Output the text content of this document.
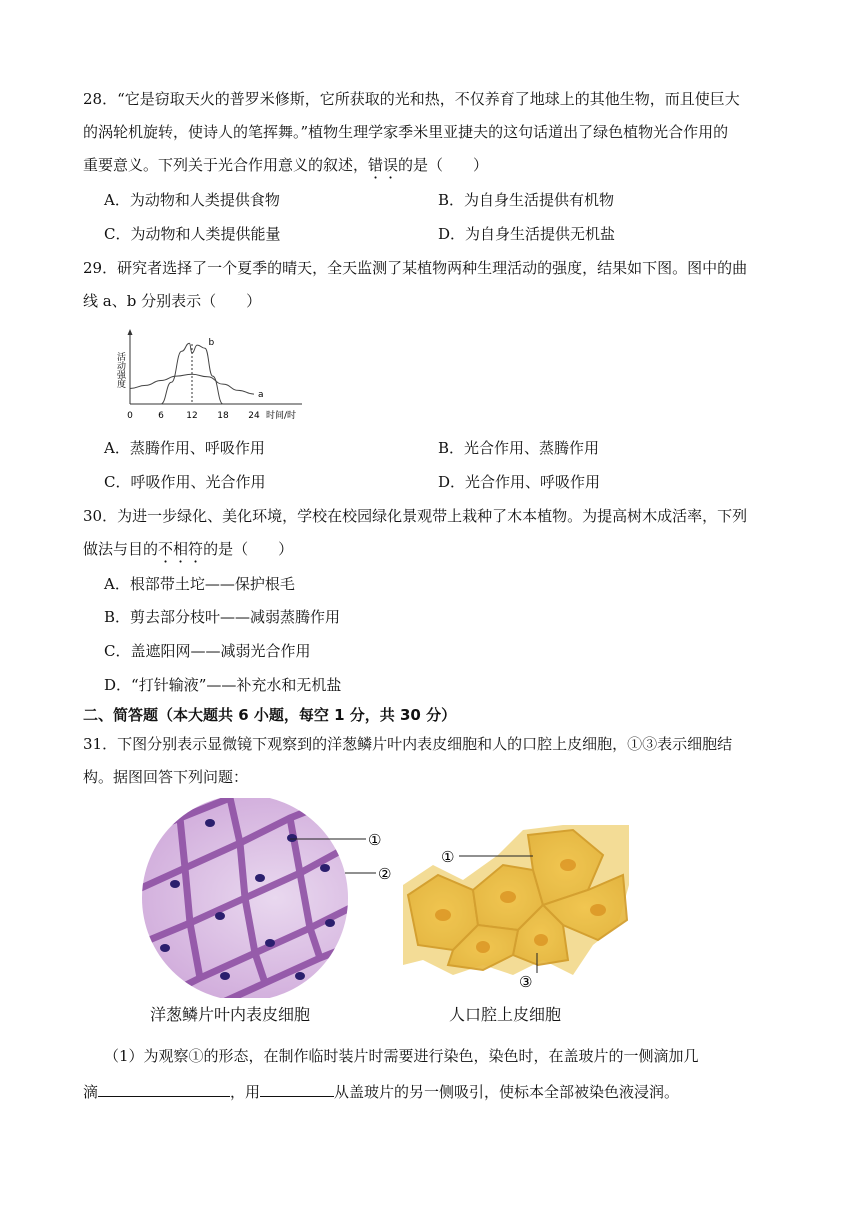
28．“它是窃取天火的普罗米修斯，它所获取的光和热，不仅养育了地球上的其他生物，而且使巨大
的涡轮机旋转，使诗人的笔挥舞。”植物生理学家季米里亚捷夫的这句话道出了绿色植物光合作用的
重要意义。下列关于光合作用意义的叙述，错误的是（　　）
A．为动物和人类提供食物	B．为自身生活提供有机物
C．为动物和人类提供能量	D．为自身生活提供无机盐
29．研究者选择了一个夏季的晴天，全天监测了某植物两种生理活动的强度，结果如下图。图中的曲
线 a、b 分别表示（　　）
活动强度
时间/时
0	6 12 18 24
a
b
A．蒸腾作用、呼吸作用	B．光合作用、蒸腾作用
C．呼吸作用、光合作用	D．光合作用、呼吸作用
30．为进一步绿化、美化环境，学校在校园绿化景观带上栽种了木本植物。为提高树木成活率，下列
做法与目的不相符的是（　　）
A．根部带土坨——保护根毛
B．剪去部分枝叶——减弱蒸腾作用
C．盖遮阳网——减弱光合作用
D．“打针输液”——补充水和无机盐
二、简答题（本大题共 6 小题，每空 1 分，共 30 分）
31．下图分别表示显微镜下观察到的洋葱鳞片叶内表皮细胞和人的口腔上皮细胞，①③表示细胞结
构。据图回答下列问题：
①
②
①
③
洋葱鳞片叶内表皮细胞	人口腔上皮细胞
（1）为观察①的形态，在制作临时装片时需要进行染色，染色时，在盖玻片的一侧滴加几
滴	，用	从盖玻片的另一侧吸引，使标本全部被染色液浸润。
